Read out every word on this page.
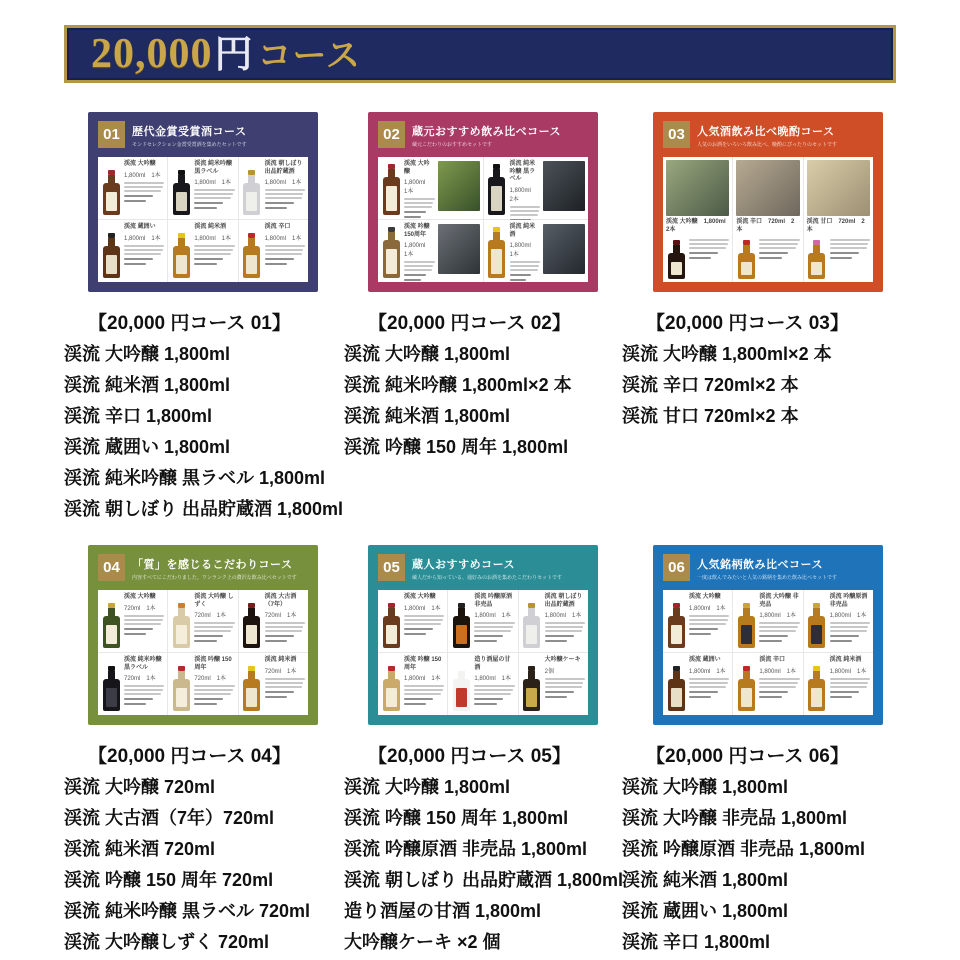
20,000円 コース
01	歴代金賞受賞酒コース
モンドセレクション金賞受賞酒を集めたセットです
渓流 大吟醸
1,800ml　1本
渓流 純米吟醸 黒ラベル
1,800ml　1本
渓流 朝しぼり 出品貯蔵酒
1,800ml　1本
渓流 蔵囲い
1,800ml　1本
渓流 純米酒
1,800ml　1本
渓流 辛口
1,800ml　1本
02	蔵元おすすめ飲み比べコース
蔵元こだわりのおすすめセットです
渓流 大吟醸
1,800ml　1本
渓流 純米吟醸 黒ラベル
1,800ml　2本
渓流 吟醸 150周年
1,800ml　1本
渓流 純米酒
1,800ml　1本
03	人気酒飲み比べ晩酌コース
人気のお酒をいろいろ飲み比べ、晩酌にぴったりのセットです
渓流 大吟醸　1,800ml　2本
渓流 辛口　720ml　2本
渓流 甘口　720ml　2本
04	「質」を感じるこだわりコース
内容すべてにこだわりました。ワンランク上の贅沢な飲み比べセットです
渓流 大吟醸
720ml　1本
渓流 大吟醸 しずく
720ml　1本
渓流 大古酒（7年）
720ml　1本
渓流 純米吟醸 黒ラベル
720ml　1本
渓流 吟醸 150周年
720ml　1本
渓流 純米酒
720ml　1本
05	蔵人おすすめコース
蔵人だから知っている、通好みのお酒を集めたこだわりセットです
渓流 大吟醸
1,800ml　1本
渓流 吟醸原酒 非売品
1,800ml　1本
渓流 朝しぼり 出品貯蔵酒
1,800ml　1本
渓流 吟醸 150周年
1,800ml　1本
造り酒屋の甘酒
1,800ml　1本
大吟醸ケーキ
2個
06	人気銘柄飲み比べコース
一度は飲んでみたいと人気の銘柄を集めた飲み比べセットです
渓流 大吟醸
1,800ml　1本
渓流 大吟醸 非売品
1,800ml　1本
渓流 吟醸原酒 非売品
1,800ml　1本
渓流 蔵囲い
1,800ml　1本
渓流 辛口
1,800ml　1本
渓流 純米酒
1,800ml　1本
【20,000 円コース 01】
渓流 大吟醸 1,800ml
渓流 純米酒 1,800ml
渓流 辛口 1,800ml
渓流 蔵囲い 1,800ml
渓流 純米吟醸 黒ラベル 1,800ml
渓流 朝しぼり 出品貯蔵酒 1,800ml
【20,000 円コース 02】
渓流 大吟醸 1,800ml
渓流 純米吟醸 1,800ml×2 本
渓流 純米酒 1,800ml
渓流 吟醸 150 周年 1,800ml
【20,000 円コース 03】
渓流 大吟醸 1,800ml×2 本
渓流 辛口 720ml×2 本
渓流 甘口 720ml×2 本
【20,000 円コース 04】
渓流 大吟醸 720ml
渓流 大古酒（7年）720ml
渓流 純米酒 720ml
渓流 吟醸 150 周年 720ml
渓流 純米吟醸 黒ラベル 720ml
渓流 大吟醸しずく 720ml
【20,000 円コース 05】
渓流 大吟醸 1,800ml
渓流 吟醸 150 周年 1,800ml
渓流 吟醸原酒 非売品 1,800ml
渓流 朝しぼり 出品貯蔵酒 1,800ml
造り酒屋の甘酒 1,800ml
大吟醸ケーキ ×2 個
【20,000 円コース 06】
渓流 大吟醸 1,800ml
渓流 大吟醸 非売品 1,800ml
渓流 吟醸原酒 非売品 1,800ml
渓流 純米酒 1,800ml
渓流 蔵囲い 1,800ml
渓流 辛口 1,800ml
